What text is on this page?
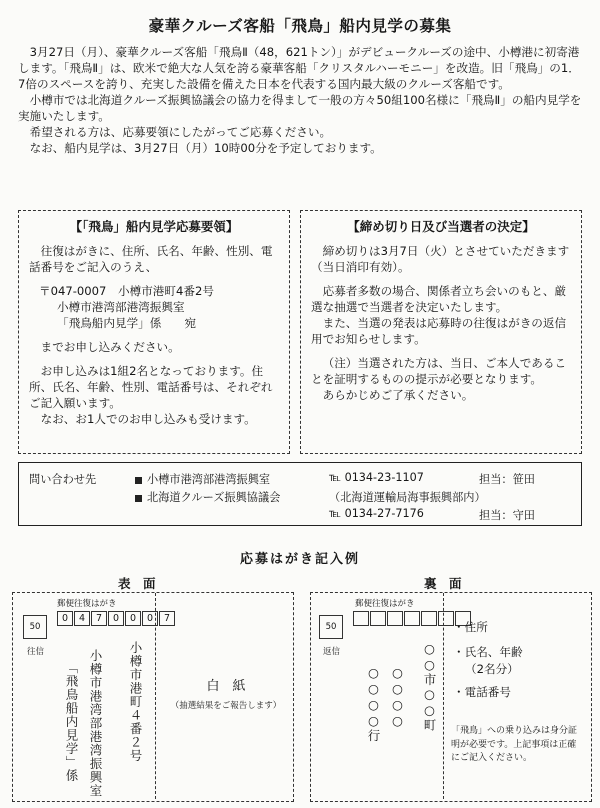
豪華クルーズ客船「飛鳥」船内見学の募集

3月27日（月）、豪華クルーズ客船「飛鳥Ⅱ（48，621トン）」がデビュークルーズの途中、小樽港に初寄港します。「飛鳥Ⅱ」は、欧米で絶大な人気を誇る豪華客船「クリスタルハーモニー」を改造。旧「飛鳥」の1．7倍のスペースを誇り、充実した設備を備えた日本を代表する国内最大級のクルーズ客船です。

小樽市では北海道クルーズ振興協議会の協力を得まして一般の方々50組100名様に「飛鳥Ⅱ」の船内見学を実施いたします。

希望される方は、応募要領にしたがってご応募ください。

なお、船内見学は、3月27日（月）10時00分を予定しております。

【「飛鳥」船内見学応募要領】

往復はがきに、住所、氏名、年齢、性別、電話番号をご記入のうえ、

〒047-0007　小樽市港町4番2号

小樽市港湾部港湾振興室

「飛鳥船内見学」係　　宛

までお申し込みください。

お申し込みは1組2名となっております。住所、氏名、年齢、性別、電話番号は、それぞれご記入願います。

なお、お1人でのお申し込みも受けます。

【締め切り日及び当選者の決定】

締め切りは3月7日（火）とさせていただきます（当日消印有効）。

応募者多数の場合、関係者立ち会いのもと、厳選な抽選で当選者を決定いたします。

また、当選の発表は応募時の往復はがきの返信用でお知らせします。

（注）当選された方は、当日、ご本人であることを証明するものの提示が必要となります。

あらかじめご了承ください。

問い合わせ先	小樽市港湾部港湾振興室	℡ 0134-23-1107	担当：笹田
北海道クルーズ振興協議会	（北海道運輸局海事振興部内）
℡ 0134-27-7176	担当：守田
応募はがき記入例
表　面	裏　面
郵便往復はがき
50
往信
0	4	7	0	0	0	7
小樽市港町４番２号
小樽市港湾部港湾振興室
「飛鳥船内見学」係	白　紙
（抽選結果をご報告します）
郵便往復はがき
50
返信	○○市○○町
○○○○
○○○○行
・住所
・氏名、年齢
（2名分）
・電話番号
「飛鳥」への乗り込みは身分証明が必要です。上記事項は正確にご記入ください。
